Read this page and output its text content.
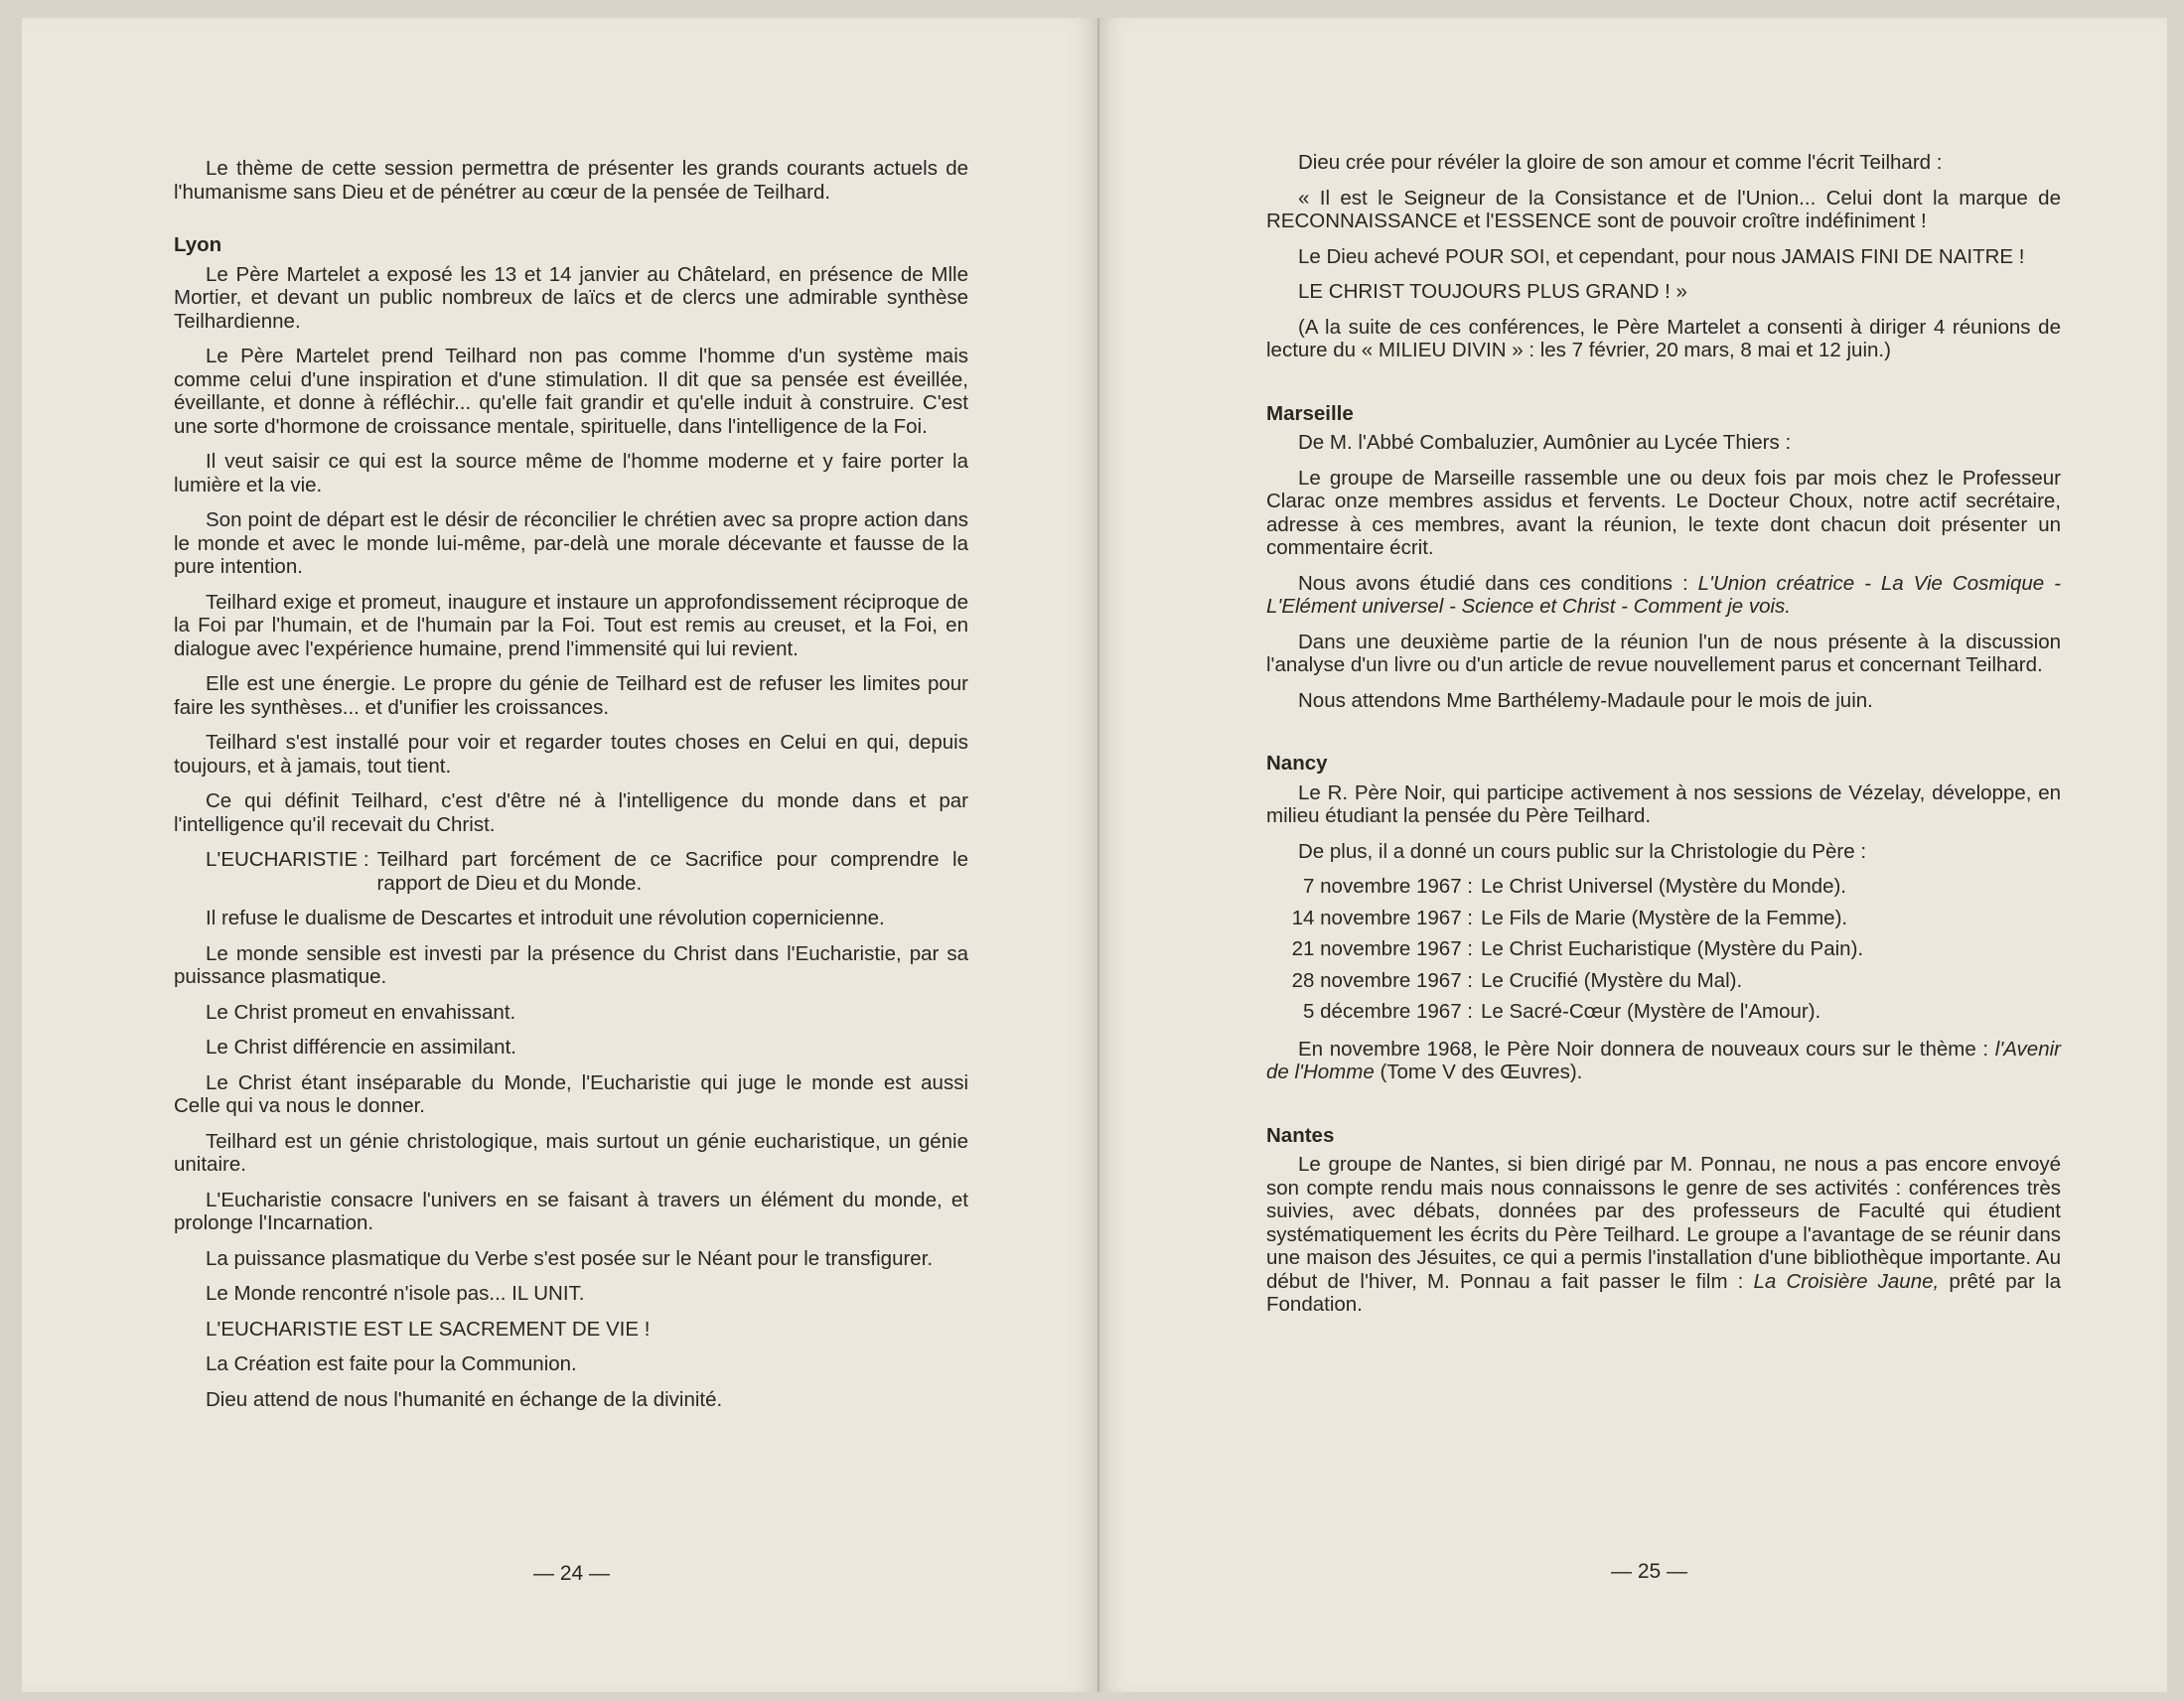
Le thème de cette session permettra de présenter les grands courants actuels de l'humanisme sans Dieu et de pénétrer au cœur de la pensée de Teilhard.

Lyon

Le Père Martelet a exposé les 13 et 14 janvier au Châtelard, en présence de Mlle Mortier, et devant un public nombreux de laïcs et de clercs une admirable synthèse Teilhardienne.

Le Père Martelet prend Teilhard non pas comme l'homme d'un système mais comme celui d'une inspiration et d'une stimulation. Il dit que sa pensée est éveillée, éveillante, et donne à réfléchir... qu'elle fait grandir et qu'elle induit à construire. C'est une sorte d'hormone de croissance mentale, spirituelle, dans l'intelligence de la Foi.

Il veut saisir ce qui est la source même de l'homme moderne et y faire porter la lumière et la vie.

Son point de départ est le désir de réconcilier le chrétien avec sa propre action dans le monde et avec le monde lui-même, par-delà une morale décevante et fausse de la pure intention.

Teilhard exige et promeut, inaugure et instaure un approfondissement réciproque de la Foi par l'humain, et de l'humain par la Foi. Tout est remis au creuset, et la Foi, en dialogue avec l'expérience humaine, prend l'immensité qui lui revient.

Elle est une énergie. Le propre du génie de Teilhard est de refuser les limites pour faire les synthèses... et d'unifier les croissances.

Teilhard s'est installé pour voir et regarder toutes choses en Celui en qui, depuis toujours, et à jamais, tout tient.

Ce qui définit Teilhard, c'est d'être né à l'intelligence du monde dans et par l'intelligence qu'il recevait du Christ.

L'EUCHARISTIE : Teilhard part forcément de ce Sacrifice pour comprendre le rapport de Dieu et du Monde.

Il refuse le dualisme de Descartes et introduit une révolution copernicienne.

Le monde sensible est investi par la présence du Christ dans l'Eucharistie, par sa puissance plasmatique.

Le Christ promeut en envahissant.

Le Christ différencie en assimilant.

Le Christ étant inséparable du Monde, l'Eucharistie qui juge le monde est aussi Celle qui va nous le donner.

Teilhard est un génie christologique, mais surtout un génie eucharistique, un génie unitaire.

L'Eucharistie consacre l'univers en se faisant à travers un élément du monde, et prolonge l'Incarnation.

La puissance plasmatique du Verbe s'est posée sur le Néant pour le transfigurer.

Le Monde rencontré n'isole pas... IL UNIT.

L'EUCHARISTIE EST LE SACREMENT DE VIE !

La Création est faite pour la Communion.

Dieu attend de nous l'humanité en échange de la divinité.

— 24 —

Dieu crée pour révéler la gloire de son amour et comme l'écrit Teilhard :

« Il est le Seigneur de la Consistance et de l'Union... Celui dont la marque de RECONNAISSANCE et l'ESSENCE sont de pouvoir croître indéfiniment !

Le Dieu achevé POUR SOI, et cependant, pour nous JAMAIS FINI DE NAITRE !

LE CHRIST TOUJOURS PLUS GRAND ! »

(A la suite de ces conférences, le Père Martelet a consenti à diriger 4 réunions de lecture du « MILIEU DIVIN » : les 7 février, 20 mars, 8 mai et 12 juin.)

Marseille

De M. l'Abbé Combaluzier, Aumônier au Lycée Thiers :

Le groupe de Marseille rassemble une ou deux fois par mois chez le Professeur Clarac onze membres assidus et fervents. Le Docteur Choux, notre actif secrétaire, adresse à ces membres, avant la réunion, le texte dont chacun doit présenter un commentaire écrit.

Nous avons étudié dans ces conditions : L'Union créatrice - La Vie Cosmique - L'Elément universel - Science et Christ - Comment je vois.

Dans une deuxième partie de la réunion l'un de nous présente à la discussion l'analyse d'un livre ou d'un article de revue nouvellement parus et concernant Teilhard.

Nous attendons Mme Barthélemy-Madaule pour le mois de juin.

Nancy

Le R. Père Noir, qui participe activement à nos sessions de Vézelay, développe, en milieu étudiant la pensée du Père Teilhard.

De plus, il a donné un cours public sur la Christologie du Père :

7 novembre 1967 : Le Christ Universel (Mystère du Monde).
14 novembre 1967 : Le Fils de Marie (Mystère de la Femme).
21 novembre 1967 : Le Christ Eucharistique (Mystère du Pain).
28 novembre 1967 : Le Crucifié (Mystère du Mal).
5 décembre 1967 : Le Sacré-Cœur (Mystère de l'Amour).

En novembre 1968, le Père Noir donnera de nouveaux cours sur le thème : l'Avenir de l'Homme (Tome V des Œuvres).

Nantes

Le groupe de Nantes, si bien dirigé par M. Ponnau, ne nous a pas encore envoyé son compte rendu mais nous connaissons le genre de ses activités : conférences très suivies, avec débats, données par des professeurs de Faculté qui étudient systématiquement les écrits du Père Teilhard. Le groupe a l'avantage de se réunir dans une maison des Jésuites, ce qui a permis l'installation d'une bibliothèque importante. Au début de l'hiver, M. Ponnau a fait passer le film : La Croisière Jaune, prêté par la Fondation.

— 25 —
